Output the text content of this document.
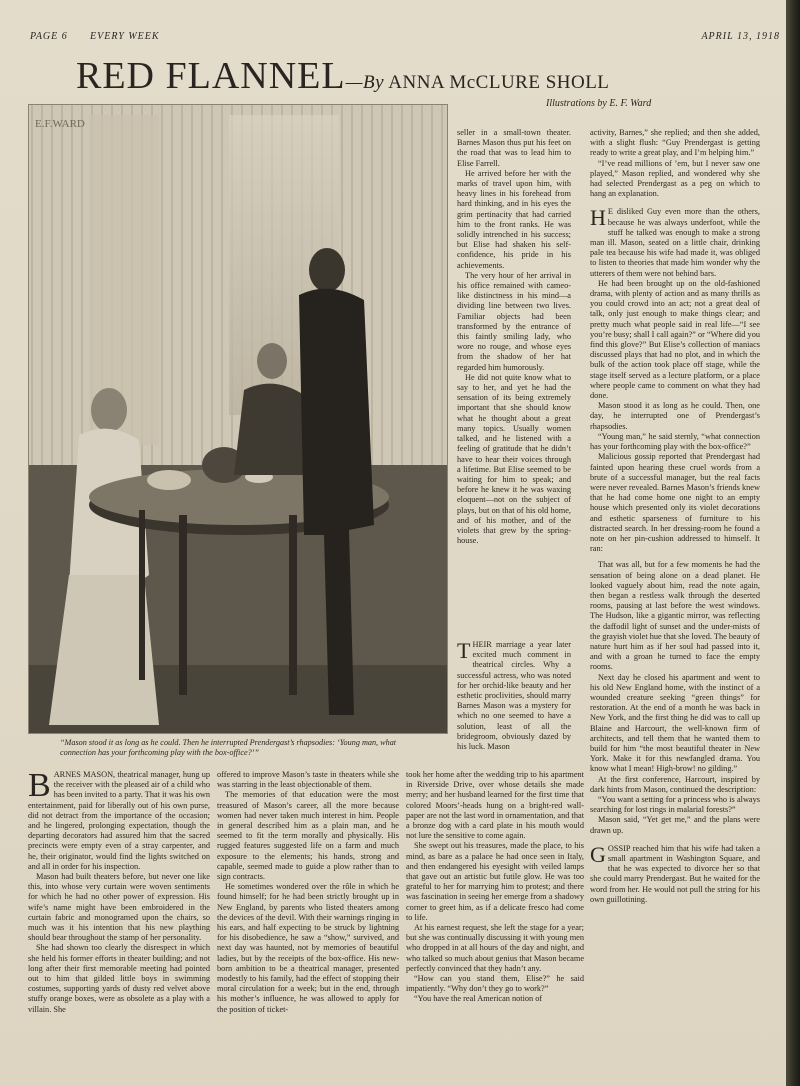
PAGE 6 EVERY WEEK	APRIL 13, 1918
RED FLANNEL—By ANNA McCLURE SHOLL
Illustrations by E. F. Ward
E.F.WARD
“Mason stood it as long as he could. Then he interrupted Prendergast’s rhapsodies: ‘Young man, what connection has your forthcoming play with the box-office?’”

BARNES MASON, theatrical manager, hung up the receiver with the pleased air of a child who has been invited to a party. That it was his own entertainment, paid for liberally out of his own purse, did not detract from the importance of the occasion; and he lingered, prolonging expectation, though the departing decorators had assured him that the sacred precincts were empty even of a stray carpenter, and he, their originator, would find the lights switched on and all in order for his inspection.

Mason had built theaters before, but never one like this, into whose very curtain were woven sentiments for which he had no other power of expression. His wife’s name might have been embroidered in the curtain fabric and monogramed upon the chairs, so much was it his intention that his new plaything should bear throughout the stamp of her personality.

She had shown too clearly the disrespect in which she held his former efforts in theater building; and not long after their first memorable meeting had pointed out to him that gilded little boys in swimming costumes, supporting yards of dusty red velvet above stuffy orange boxes, were as obsolete as a play with a villain. She

offered to improve Mason’s taste in theaters while she was starring in the least objectionable of them.

The memories of that education were the most treasured of Mason’s career, all the more because women had never taken much interest in him. People in general described him as a plain man, and he seemed to fit the term morally and physically. His rugged features suggested life on a farm and much exposure to the elements; his hands, strong and capable, seemed made to guide a plow rather than to sign contracts.

He sometimes wondered over the rôle in which he found himself; for he had been strictly brought up in New England, by parents who listed theaters among the devices of the devil. With their warnings ringing in his ears, and half expecting to be struck by lightning for his disobedience, he saw a “show,” survived, and next day was haunted, not by memories of beautiful ladies, but by the receipts of the box-office. His new-born ambition to be a theatrical manager, presented modestly to his family, had the effect of stopping their moral circulation for a week; but in the end, through his mother’s influence, he was allowed to apply for the position of ticket-

seller in a small-town theater. Barnes Mason thus put his feet on the road that was to lead him to Elise Farrell.

He arrived before her with the marks of travel upon him, with heavy lines in his forehead from hard thinking, and in his eyes the grim pertinacity that had carried him to the front ranks. He was solidly intrenched in his success; but Elise had shaken his self-confidence, his pride in his achievements.

The very hour of her arrival in his office remained with cameo-like distinctness in his mind—a dividing line between two lives. Familiar objects had been transformed by the entrance of this faintly smiling lady, who wore no rouge, and whose eyes from the shadow of her hat regarded him humorously.

He did not quite know what to say to her, and yet he had the sensation of its being extremely important that she should know what he thought about a great many topics. Usually women talked, and he listened with a feeling of gratitude that he didn’t have to hear their voices through a lifetime. But Elise seemed to be waiting for him to speak; and before he knew it he was waxing eloquent—not on the subject of plays, but on that of his old home, and of his mother, and of the violets that grew by the spring-house.

THEIR marriage a year later excited much comment in theatrical circles. Why a successful actress, who was noted for her orchid-like beauty and her esthetic proclivities, should marry Barnes Mason was a mystery for which no one seemed to have a solution, least of all the bridegroom, obviously dazed by his luck. Mason

took her home after the wedding trip to his apartment in Riverside Drive, over whose details she made merry; and her husband learned for the first time that colored Moors’-heads hung on a bright-red wall-paper are not the last word in ornamentation, and that a bronze dog with a card plate in his mouth would not lure the sensitive to come again.

She swept out his treasures, made the place, to his mind, as bare as a palace he had once seen in Italy, and then endangered his eyesight with veiled lamps that gave out an artistic but futile glow. He was too grateful to her for marrying him to protest; and there was fascination in seeing her emerge from a shadowy corner to greet him, as if a delicate fresco had come to life.

At his earnest request, she left the stage for a year; but she was continually discussing it with young men who dropped in at all hours of the day and night, and who talked so much about genius that Mason became perfectly convinced that they hadn’t any.

“How can you stand them, Elise?” he said impatiently. “Why don’t they go to work?”

“You have the real American notion of

activity, Barnes,” she replied; and then she added, with a slight flush: “Guy Prendergast is getting ready to write a great play, and I’m helping him.”

“I’ve read millions of ’em, but I never saw one played,” Mason replied, and wondered why she had selected Prendergast as a peg on which to hang an explanation.

H E disliked Guy even more than the others, because he was always underfoot, while the stuff he talked was enough to make a strong man ill. Mason, seated on a little chair, drinking pale tea because his wife had made it, was obliged to listen to theories that made him wonder why the utterers of them were not behind bars.

He had been brought up on the old-fashioned drama, with plenty of action and as many thrills as you could crowd into an act; not a great deal of talk, only just enough to make things clear; and pretty much what people said in real life—“I see you’re busy; shall I call again?” or “Where did you find this glove?” But Elise’s collection of maniacs discussed plays that had no plot, and in which the bulk of the action took place off stage, while the stage itself served as a lecture platform, or a place where people came to comment on what they had done.

Mason stood it as long as he could. Then, one day, he interrupted one of Prendergast’s rhapsodies.

“Young man,” he said sternly, “what connection has your forthcoming play with the box-office?”

Malicious gossip reported that Prendergast had fainted upon hearing these cruel words from a brute of a successful manager, but the real facts were never revealed. Barnes Mason’s friends knew that he had come home one night to an empty house which presented only its violet decorations and esthetic sparseness of furniture to his distracted search. In her dressing-room he found a note on her pin-cushion addressed to himself. It ran:

That was all, but for a few moments he had the sensation of being alone on a dead planet. He looked vaguely about him, read the note again, then began a restless walk through the deserted rooms, pausing at last before the west windows. The Hudson, like a gigantic mirror, was reflecting the daffodil light of sunset and the under-mists of the grayish violet hue that she loved. The beauty of nature hurt him as if her soul had passed into it, and with a groan he turned to face the empty rooms.

Next day he closed his apartment and went to his old New England home, with the instinct of a wounded creature seeking “green things” for restoration. At the end of a month he was back in New York, and the first thing he did was to call up Blaine and Harcourt, the well-known firm of architects, and tell them that he wanted them to build for him “the most beautiful theater in New York. Make it for this newfangled drama. You know what I mean! High-brow! no gilding.”

At the first conference, Harcourt, inspired by dark hints from Mason, continued the description:

“You want a setting for a princess who is always searching for lost rings in malarial forests?”

Mason said, “Yet get me,” and the plans were drawn up.

GOSSIP reached him that his wife had taken a small apartment in Washington Square, and that he was expected to divorce her so that she could marry Prendergast. But he waited for the word from her. He would not pull the string for his own guillotining.
